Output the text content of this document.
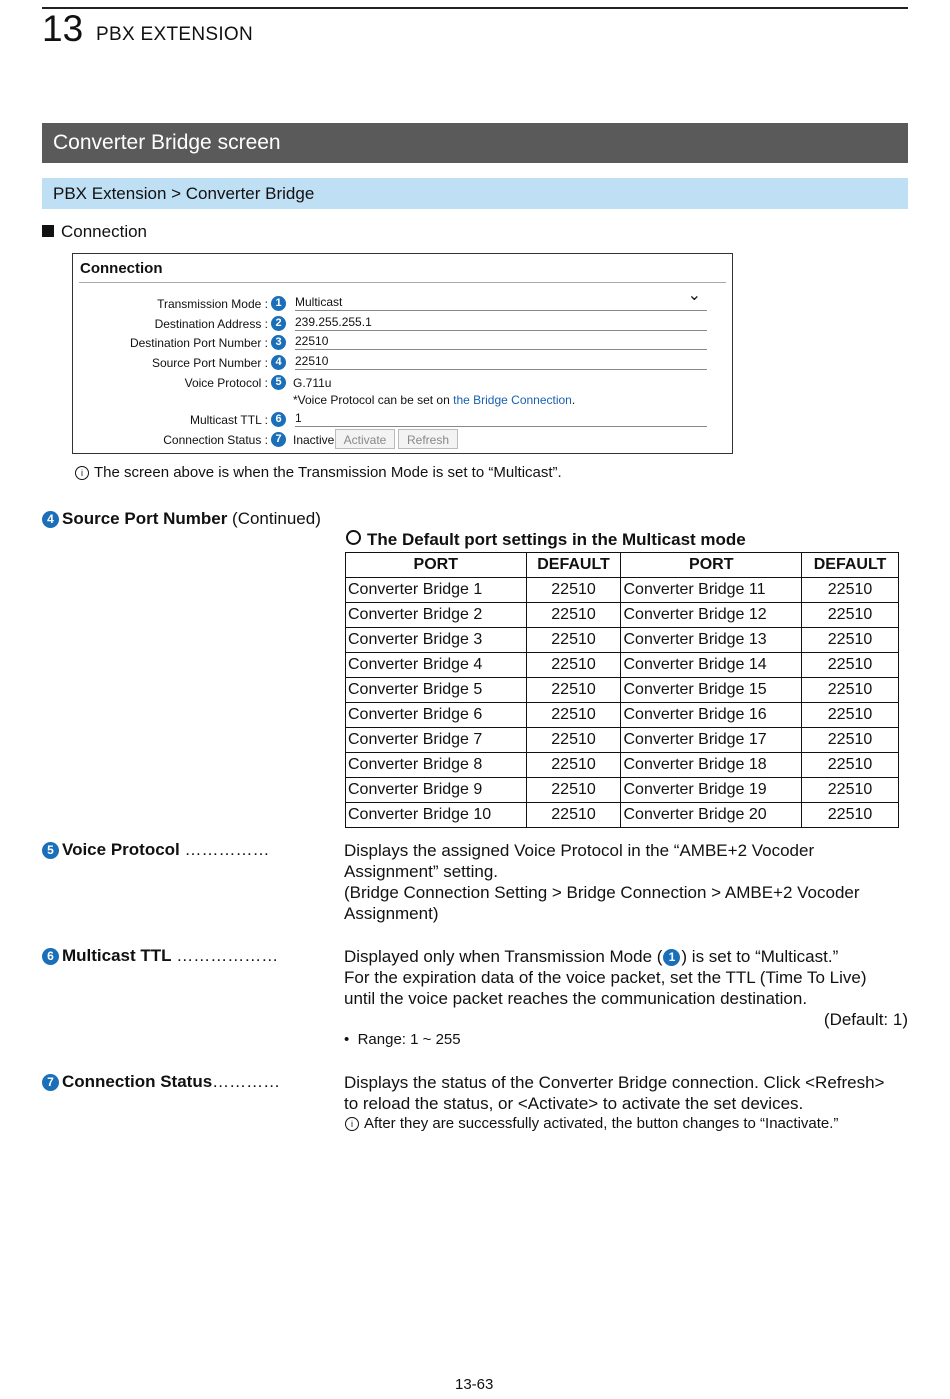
13 PBX EXTENSION
Converter Bridge screen
PBX Extension > Converter Bridge
Connection
Connection
Transmission Mode : 1	Multicast ⌄
Destination Address : 2	239.255.255.1
Destination Port Number : 3	22510
Source Port Number : 4	22510
Voice Protocol : 5 G.711u
*Voice Protocol can be set on the Bridge Connection.
Multicast TTL : 6	1
Connection Status : 7 Inactive Activate	Refresh
i The screen above is when the Transmission Mode is set to “Multicast”.
4 Source Port Number (Continued)
The Default port settings in the Multicast mode
PORT	DEFAULT	PORT	DEFAULT
Converter Bridge 1	22510	Converter Bridge 11	22510
Converter Bridge 2	22510	Converter Bridge 12	22510
Converter Bridge 3	22510	Converter Bridge 13	22510
Converter Bridge 4	22510	Converter Bridge 14	22510
Converter Bridge 5	22510	Converter Bridge 15	22510
Converter Bridge 6	22510	Converter Bridge 16	22510
Converter Bridge 7	22510	Converter Bridge 17	22510
Converter Bridge 8	22510	Converter Bridge 18	22510
Converter Bridge 9	22510	Converter Bridge 19	22510
Converter Bridge 10	22510	Converter Bridge 20	22510
5 Voice Protocol ……………	Displays the assigned Voice Protocol in the “AMBE+2 Vocoder
Assignment” setting.
(Bridge Connection Setting > Bridge Connection > AMBE+2 Vocoder
Assignment)
6 Multicast TTL ………………	Displayed only when Transmission Mode ( 1 ) is set to “Multicast.”
For the expiration data of the voice packet, set the TTL (Time To Live)
until the voice packet reaches the communication destination.
(Default: 1)
•  Range: 1 ~ 255
7 Connection Status…………	Displays the status of the Converter Bridge connection. Click <Refresh>
to reload the status, or <Activate> to activate the set devices.
i After they are successfully activated, the button changes to “Inactivate.”
13-63
